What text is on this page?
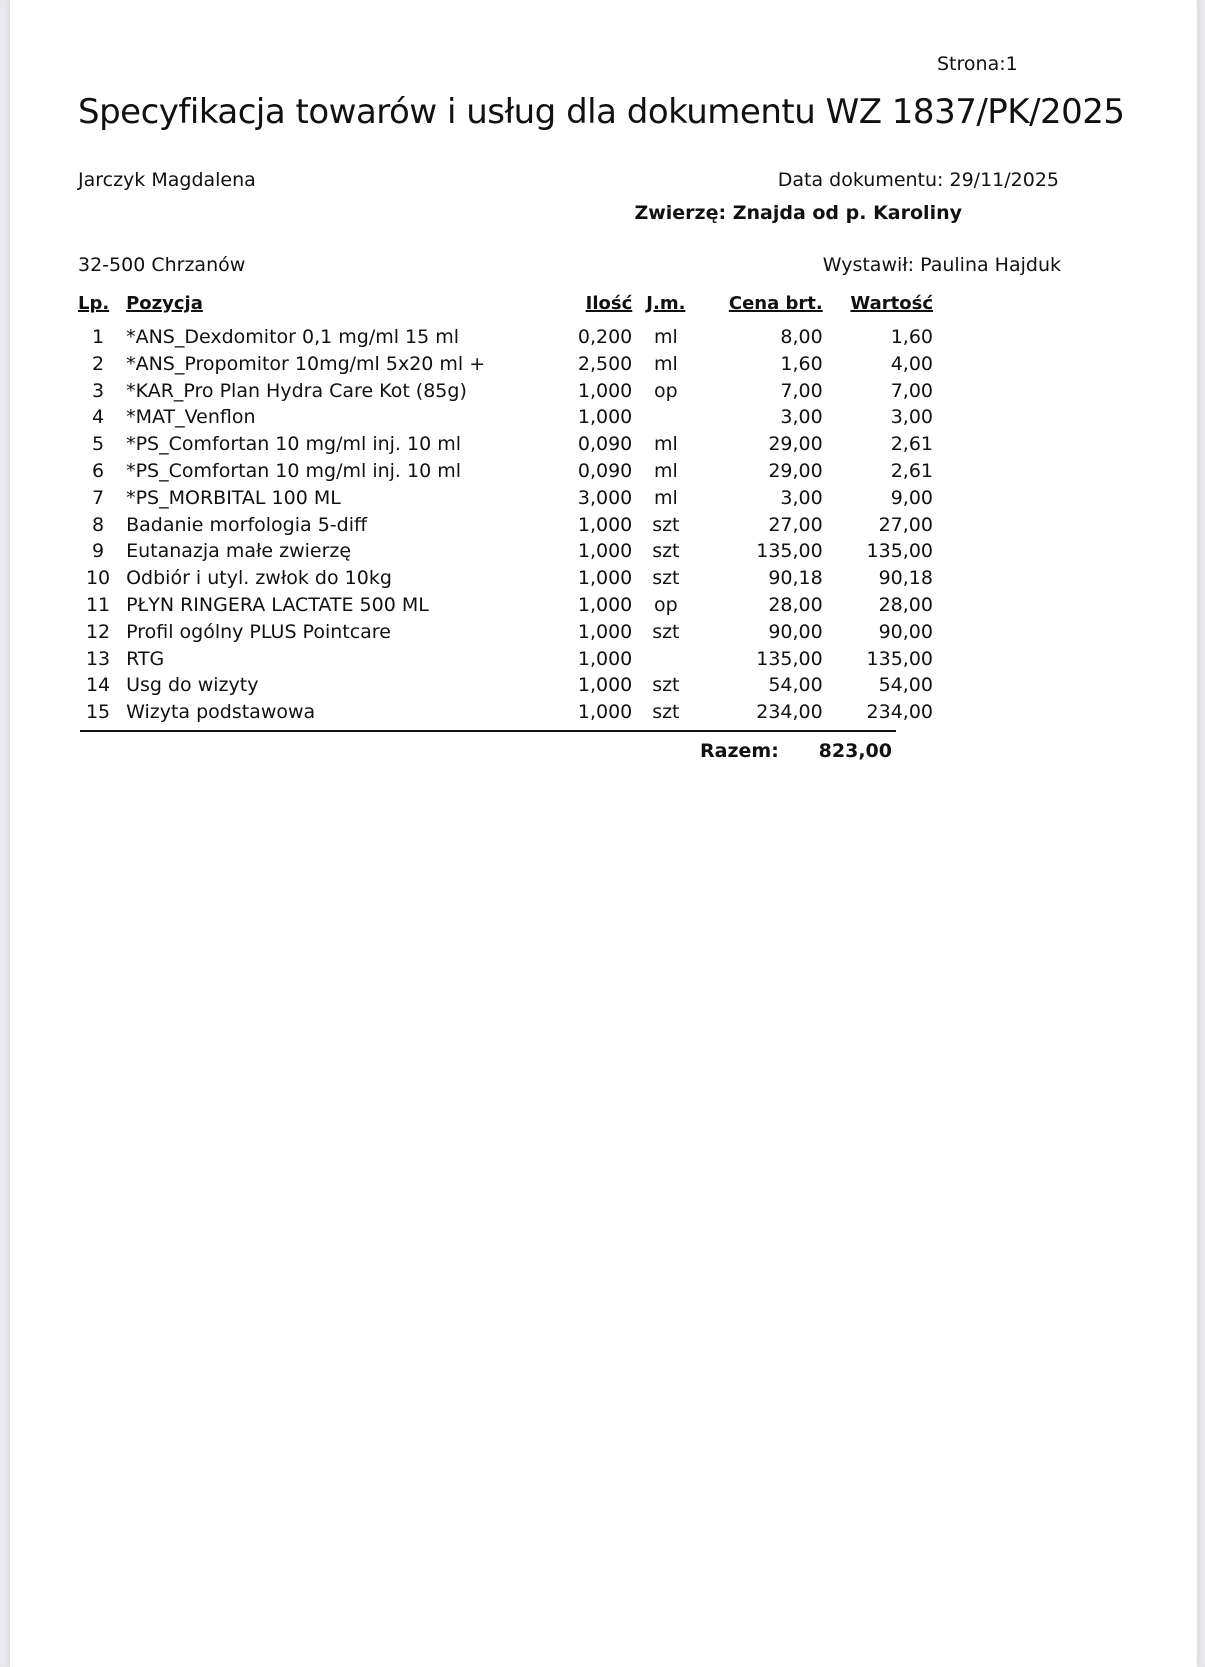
Strona:1
Specyfikacja towarów i usług dla dokumentu WZ 1837/PK/2025
Jarczyk Magdalena	Data dokumentu: 29/11/2025
Zwierzę: Znajda od p. Karoliny
32-500 Chrzanów	Wystawił: Paulina Hajduk
Lp.	Pozycja	Ilość	J.m.	Cena brt.	Wartość
1	*ANS_Dexdomitor 0,1 mg/ml 15 ml	0,200	ml	8,00	1,60
2	*ANS_Propomitor 10mg/ml 5x20 ml +	2,500	ml	1,60	4,00
3	*KAR_Pro Plan Hydra Care Kot (85g)	1,000	op	7,00	7,00
4	*MAT_Venflon	1,000		3,00	3,00
5	*PS_Comfortan 10 mg/ml inj. 10 ml	0,090	ml	29,00	2,61
6	*PS_Comfortan 10 mg/ml inj. 10 ml	0,090	ml	29,00	2,61
7	*PS_MORBITAL 100 ML	3,000	ml	3,00	9,00
8	Badanie morfologia 5-diff	1,000	szt	27,00	27,00
9	Eutanazja małe zwierzę	1,000	szt	135,00	135,00
10	Odbiór i utyl. zwłok do 10kg	1,000	szt	90,18	90,18
11	PŁYN RINGERA LACTATE 500 ML	1,000	op	28,00	28,00
12	Profil ogólny PLUS Pointcare	1,000	szt	90,00	90,00
13	RTG	1,000		135,00	135,00
14	Usg do wizyty	1,000	szt	54,00	54,00
15	Wizyta podstawowa	1,000	szt	234,00	234,00
Razem: 823,00
